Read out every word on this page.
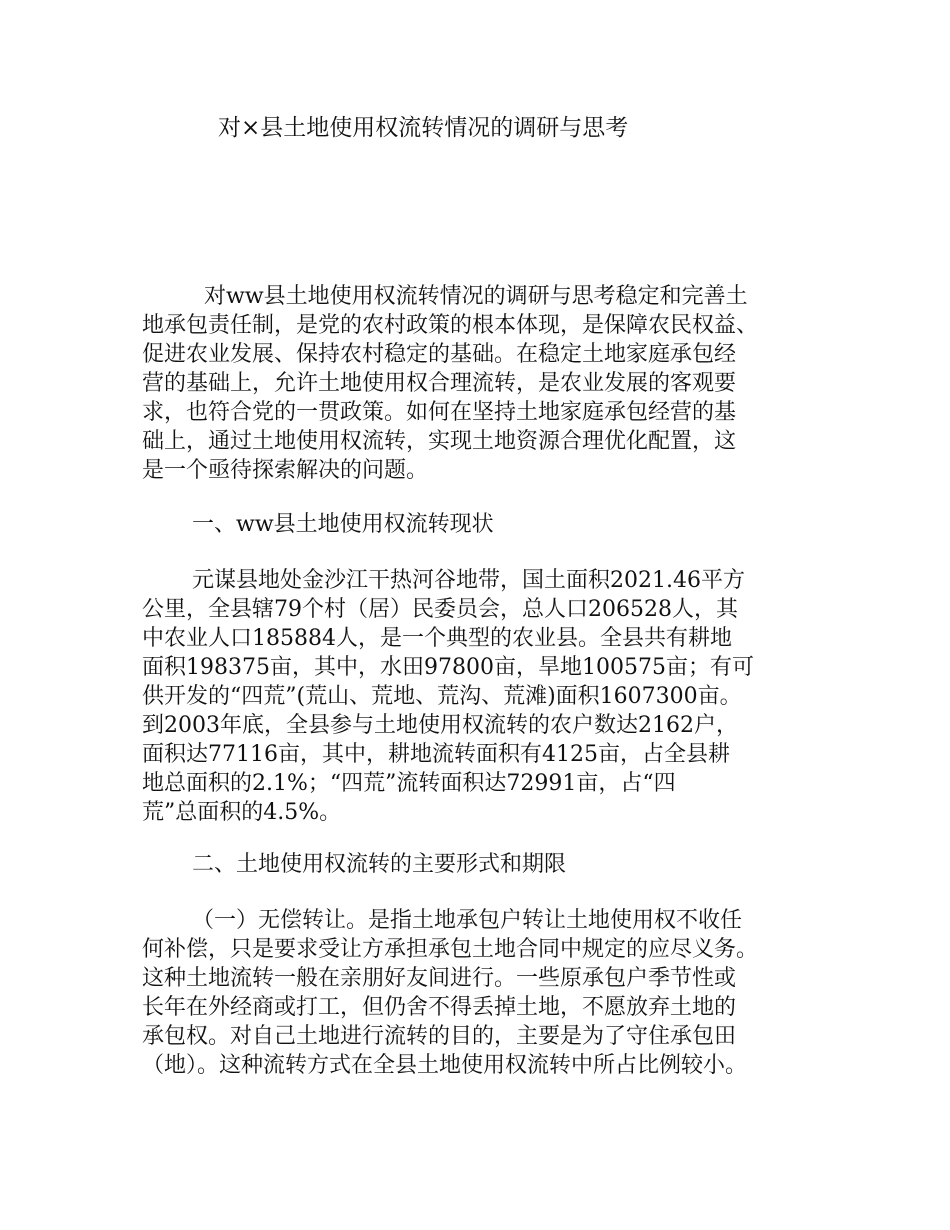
对×县土地使用权流转情况的调研与思考
对ww县土地使用权流转情况的调研与思考稳定和完善土
地承包责任制，是党的农村政策的根本体现，是保障农民权益、
促进农业发展、保持农村稳定的基础。在稳定土地家庭承包经
营的基础上，允许土地使用权合理流转，是农业发展的客观要
求，也符合党的一贯政策。如何在坚持土地家庭承包经营的基
础上，通过土地使用权流转，实现土地资源合理优化配置，这
是一个亟待探索解决的问题。
一、ww县土地使用权流转现状
元谋县地处金沙江干热河谷地带，国土面积2021.46平方
公里，全县辖79个村（居）民委员会，总人口206528人，其
中农业人口185884人，是一个典型的农业县。全县共有耕地
面积198375亩，其中，水田97800亩，旱地100575亩；有可
供开发的“四荒”(荒山、荒地、荒沟、荒滩)面积1607300亩。
到2003年底，全县参与土地使用权流转的农户数达2162户，
面积达77116亩，其中，耕地流转面积有4125亩，占全县耕
地总面积的2.1%；“四荒”流转面积达72991亩，占“四
荒”总面积的4.5%。
二、土地使用权流转的主要形式和期限
（一）无偿转让。是指土地承包户转让土地使用权不收任
何补偿，只是要求受让方承担承包土地合同中规定的应尽义务。
这种土地流转一般在亲朋好友间进行。一些原承包户季节性或
长年在外经商或打工，但仍舍不得丢掉土地，不愿放弃土地的
承包权。对自己土地进行流转的目的，主要是为了守住承包田
（地）。这种流转方式在全县土地使用权流转中所占比例较小。
